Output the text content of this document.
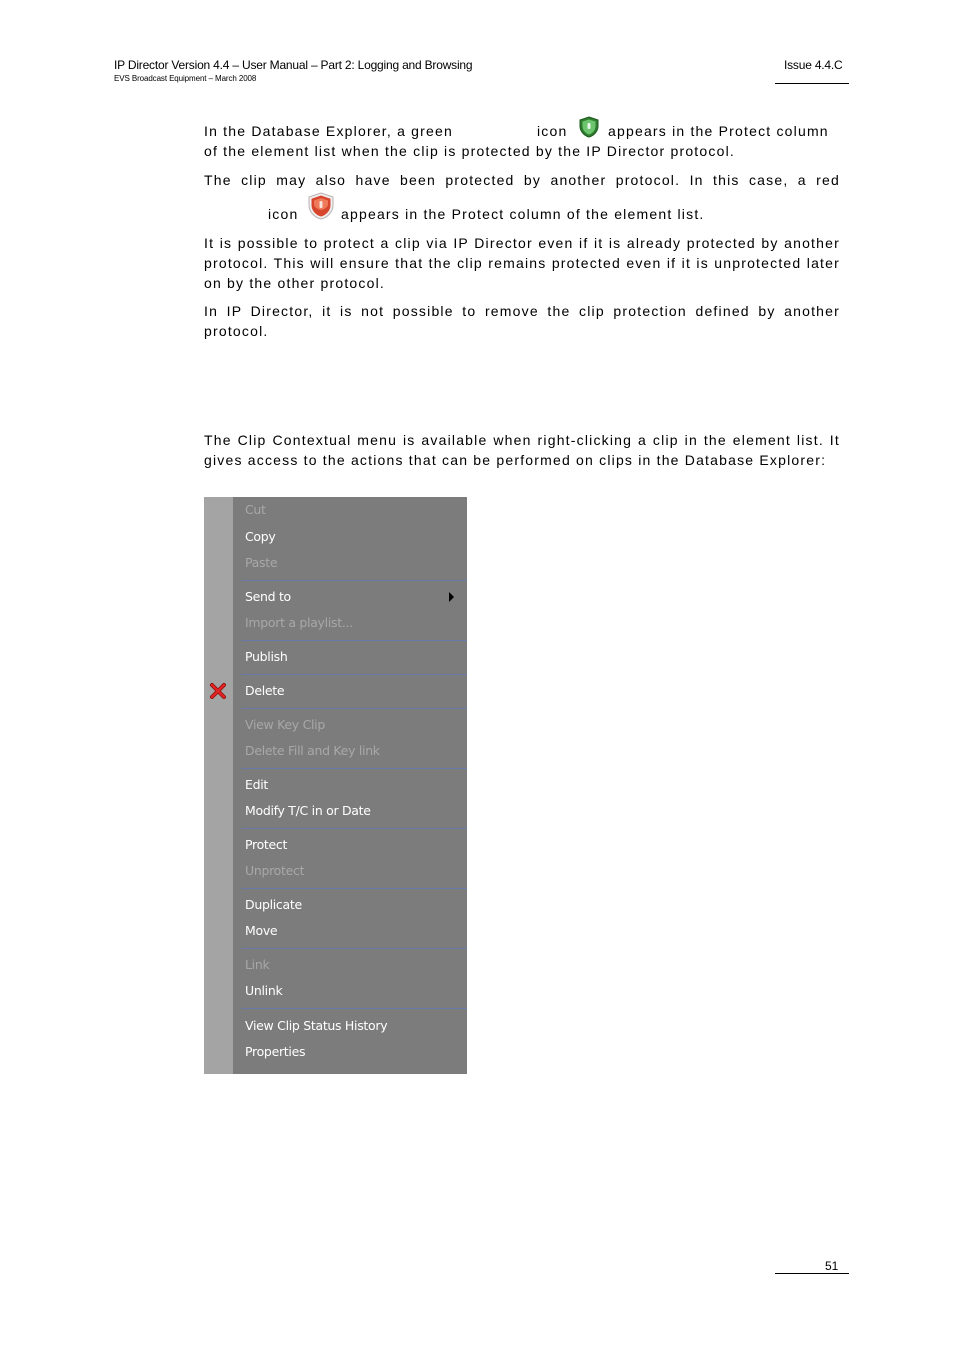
IP Director Version 4.4 – User Manual – Part 2: Logging and Browsing
EVS Broadcast Equipment – March 2008
Issue 4.4.C
In the Database Explorer, a green	icon	appears in the Protect column
of the element list when the clip is protected by the IP Director protocol.
The clip may also have been protected by another protocol. In this case, a red
icon	appears in the Protect column of the element list.

It is possible to protect a clip via IP Director even if it is already protected by another protocol. This will ensure that the clip remains protected even if it is unprotected later on by the other protocol.

In IP Director, it is not possible to remove the clip protection defined by another protocol.

The Clip Contextual menu is available when right-clicking a clip in the element list. It gives access to the actions that can be performed on clips in the Database Explorer:

Cut
Copy
Paste
Send to
Import a playlist...
Publish
Delete
View Key Clip
Delete Fill and Key link
Edit
Modify T/C in or Date
Protect
Unprotect
Duplicate
Move
Link
Unlink
View Clip Status History
Properties
51
